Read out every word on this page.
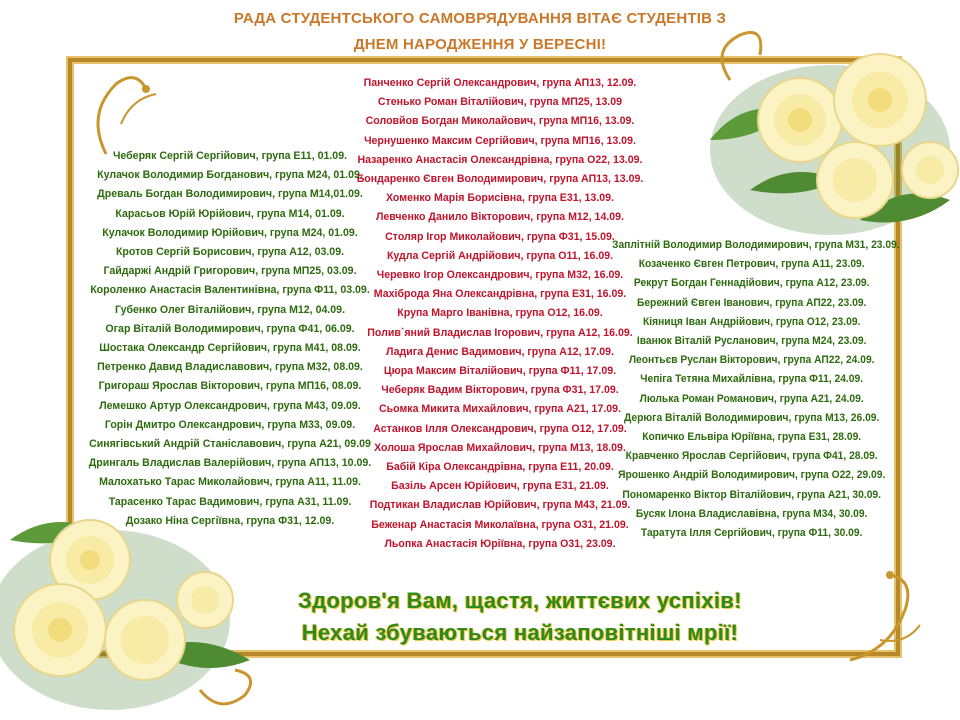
РАДА СТУДЕНТСЬКОГО САМОВРЯДУВАННЯ ВІТАЄ СТУДЕНТІВ З
ДНЕМ НАРОДЖЕННЯ У ВЕРЕСНІ!
Чеберяк Сергій Сергійович, група Е11, 01.09.
Кулачок Володимир Богданович, група М24, 01.09.
Древаль Богдан Володимирович, група М14,01.09.
Карасьов Юрій Юрійович, група М14, 01.09.
Кулачок Володимир Юрійович, група М24, 01.09.
Кротов Сергій Борисович, група А12, 03.09.
Гайдаржі Андрій Григорович, група МП25, 03.09.
Короленко Анастасія Валентинівна, група Ф11, 03.09.
Губенко Олег Віталійович, група М12, 04.09.
Огар Віталій Володимирович, група Ф41, 06.09.
Шостака Олександр Сергійович, група М41, 08.09.
Петренко Давид Владиславович, група М32, 08.09.
Григораш Ярослав Вікторович, група МП16, 08.09.
Лемешко Артур Олександрович, група М43, 09.09.
Горін Дмитро Олександрович, група М33, 09.09.
Синягівський Андрій Станіславович, група А21, 09.09
Дрингаль Владислав Валерійович, група АП13, 10.09.
Малохатько Тарас Миколайович, група А11, 11.09.
Тарасенко Тарас Вадимович, група А31, 11.09.
Дозако Ніна Сергіївна, група Ф31, 12.09.
Панченко Сергій Олександрович, група АП13, 12.09.
Стенько Роман Віталійович, група МП25, 13.09
Соловйов Богдан Миколайович, група МП16, 13.09.
Чернушенко Максим Сергійович, група МП16, 13.09.
Назаренко Анастасія Олександрівна, група О22, 13.09.
Бондаренко Євген Володимирович, група АП13, 13.09.
Хоменко Марія Борисівна, група Е31, 13.09.
Левченко Данило Вікторович, група М12, 14.09.
Столяр Ігор Миколайович, група Ф31, 15.09.
Кудла Сергій Андрійович, група О11, 16.09.
Черевко Ігор Олександрович, група М32, 16.09.
Махіброда Яна Олександрівна, група Е31, 16.09.
Крупа Марго Іванівна, група О12, 16.09.
Полив`яний Владислав Ігорович, група А12, 16.09.
Ладига Денис Вадимович, група А12, 17.09.
Цюра Максим Віталійович, група Ф11, 17.09.
Чеберяк Вадим Вікторович, група Ф31, 17.09.
Сьомка Микита Михайлович, група А21, 17.09.
Астанков Ілля Олександрович, група О12, 17.09.
Холоша Ярослав Михайлович, група М13, 18.09.
Бабій Кіра Олександрівна, група Е11, 20.09.
Базіль Арсен Юрійович, група Е31, 21.09.
Подтикан Владислав Юрійович, група М43, 21.09.
Беженар Анастасія Миколаївна, група О31, 21.09.
Льопка Анастасія Юріївна, група О31, 23.09.
Заплітній Володимир Володимирович, група М31, 23.09.
Козаченко Євген Петрович, група А11, 23.09.
Рекрут Богдан Геннадійович, група А12, 23.09.
Бережний Євген Іванович, група АП22, 23.09.
Кіяниця Іван Андрійович, група О12, 23.09.
Іванюк Віталій Русланович, група М24, 23.09.
Леонтьєв Руслан Вікторович, група АП22, 24.09.
Чепіга Тетяна Михайлівна, група Ф11, 24.09.
Люлька Роман Романович, група А21, 24.09.
Дерюга Віталій Володимирович, група М13, 26.09.
Копичко Ельвіра Юріївна, група Е31, 28.09.
Кравченко Ярослав Сергійович, група Ф41, 28.09.
Ярошенко Андрій Володимирович, група О22, 29.09.
Пономаренко Віктор Віталійович, група А21, 30.09.
Бусяк Ілона Владиславівна, група М34, 30.09.
Таратута Ілля Сергійович, група Ф11, 30.09.
Здоров'я Вам, щастя, життєвих успіхів!
Нехай збуваються найзаповітніші мрії!
